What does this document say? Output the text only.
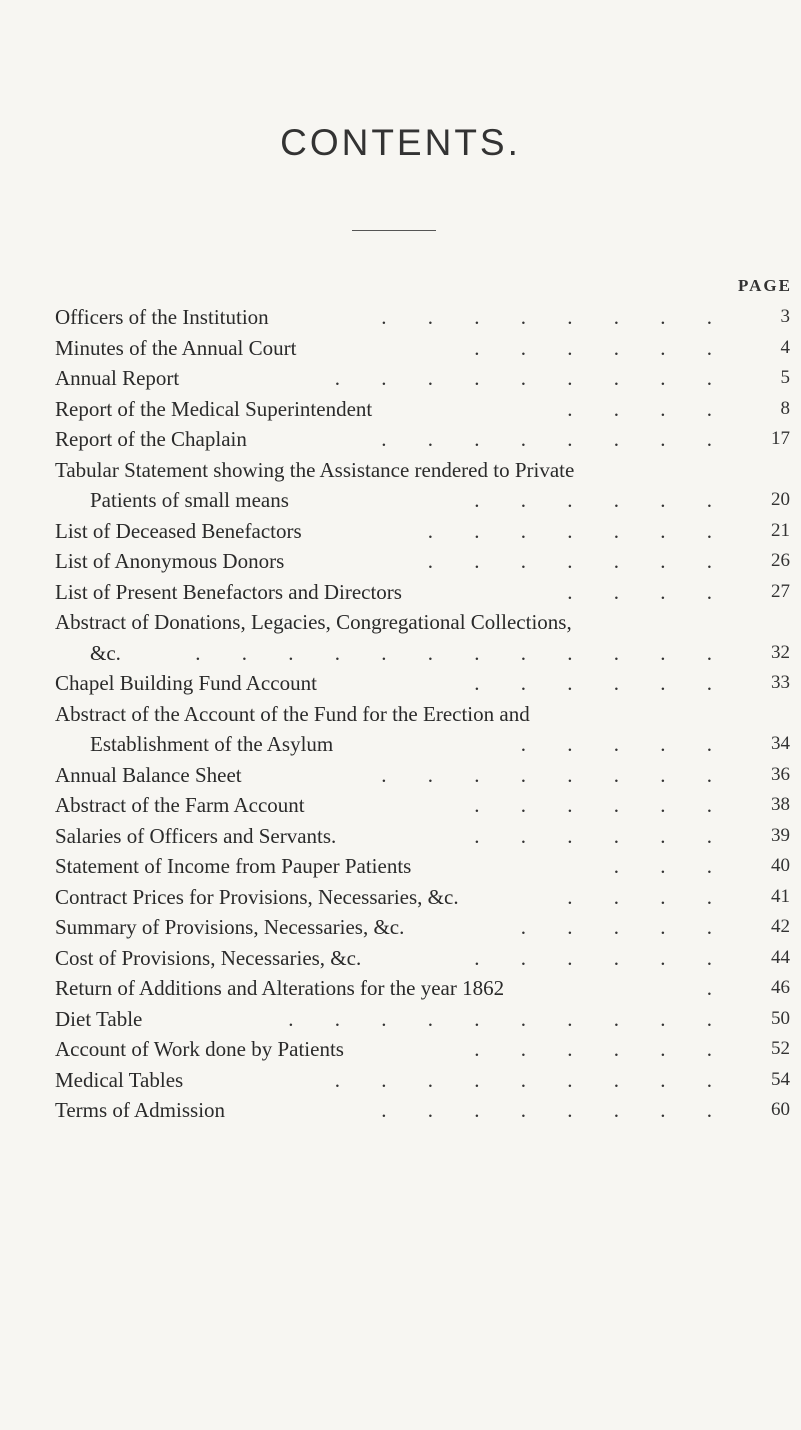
CONTENTS.
PAGE
Officers of the Institution	. . . . . . . .	3
Minutes of the Annual Court	. . . . . .	4
Annual Report	. . . . . . . . .	5
Report of the Medical Superintendent	. . . .	8
Report of the Chaplain	. . . . . . . .	17
Tabular Statement showing the Assistance rendered to Private
Patients of small means	. . . . . .	20
List of Deceased Benefactors	. . . . . . .	21
List of Anonymous Donors	. . . . . . .	26
List of Present Benefactors and Directors	. . . .	27
Abstract of Donations, Legacies, Congregational Collections,
&c.	. . . . . . . . . . . .	32
Chapel Building Fund Account	. . . . . .	33
Abstract of the Account of the Fund for the Erection and
Establishment of the Asylum	. . . . .	34
Annual Balance Sheet	. . . . . . . .	36
Abstract of the Farm Account	. . . . . .	38
Salaries of Officers and Servants.	. . . . . .	39
Statement of Income from Pauper Patients	. . .	40
Contract Prices for Provisions, Necessaries, &c.	. . . .	41
Summary of Provisions, Necessaries, &c.	. . . . .	42
Cost of Provisions, Necessaries, &c.	. . . . . .	44
Return of Additions and Alterations for the year 1862	.	46
Diet Table	. . . . . . . . . .	50
Account of Work done by Patients	. . . . . .	52
Medical Tables	. . . . . . . . .	54
Terms of Admission	. . . . . . . .	60
